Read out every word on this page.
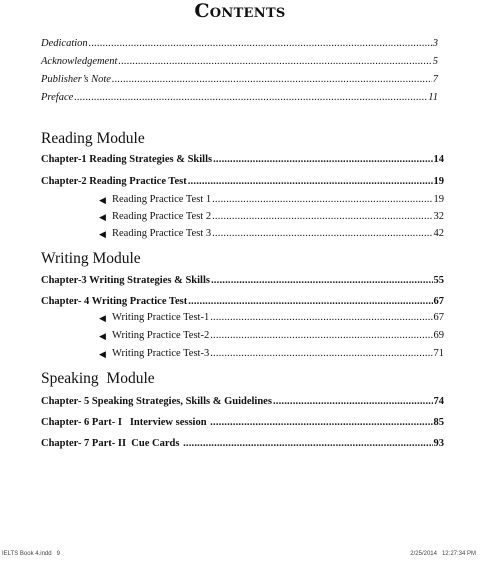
Contents
Dedication .....	3
Acknowledgement .....	5
Publisher’s Note .....	7
Preface .....	11
Reading Module
Chapter-1 Reading Strategies & Skills .....	14
Chapter-2 Reading Practice Test .....	19
◀ Reading Practice Test 1 .....	19
◀ Reading Practice Test 2 .....	32
◀ Reading Practice Test 3 .....	42
Writing Module
Chapter-3 Writing Strategies & Skills .....	55
Chapter- 4 Writing Practice Test .....	67
◀ Writing Practice Test-1 .....	67
◀ Writing Practice Test-2 .....	69
◀ Writing Practice Test-3 .....	71
Speaking  Module
Chapter- 5 Speaking Strategies, Skills & Guidelines .....	74
Chapter- 6 Part- I   Interview session .....	85
Chapter- 7 Part- II  Cue Cards .....	93
IELTS Book 4.indd   9	2/25/2014   12:27:34 PM
